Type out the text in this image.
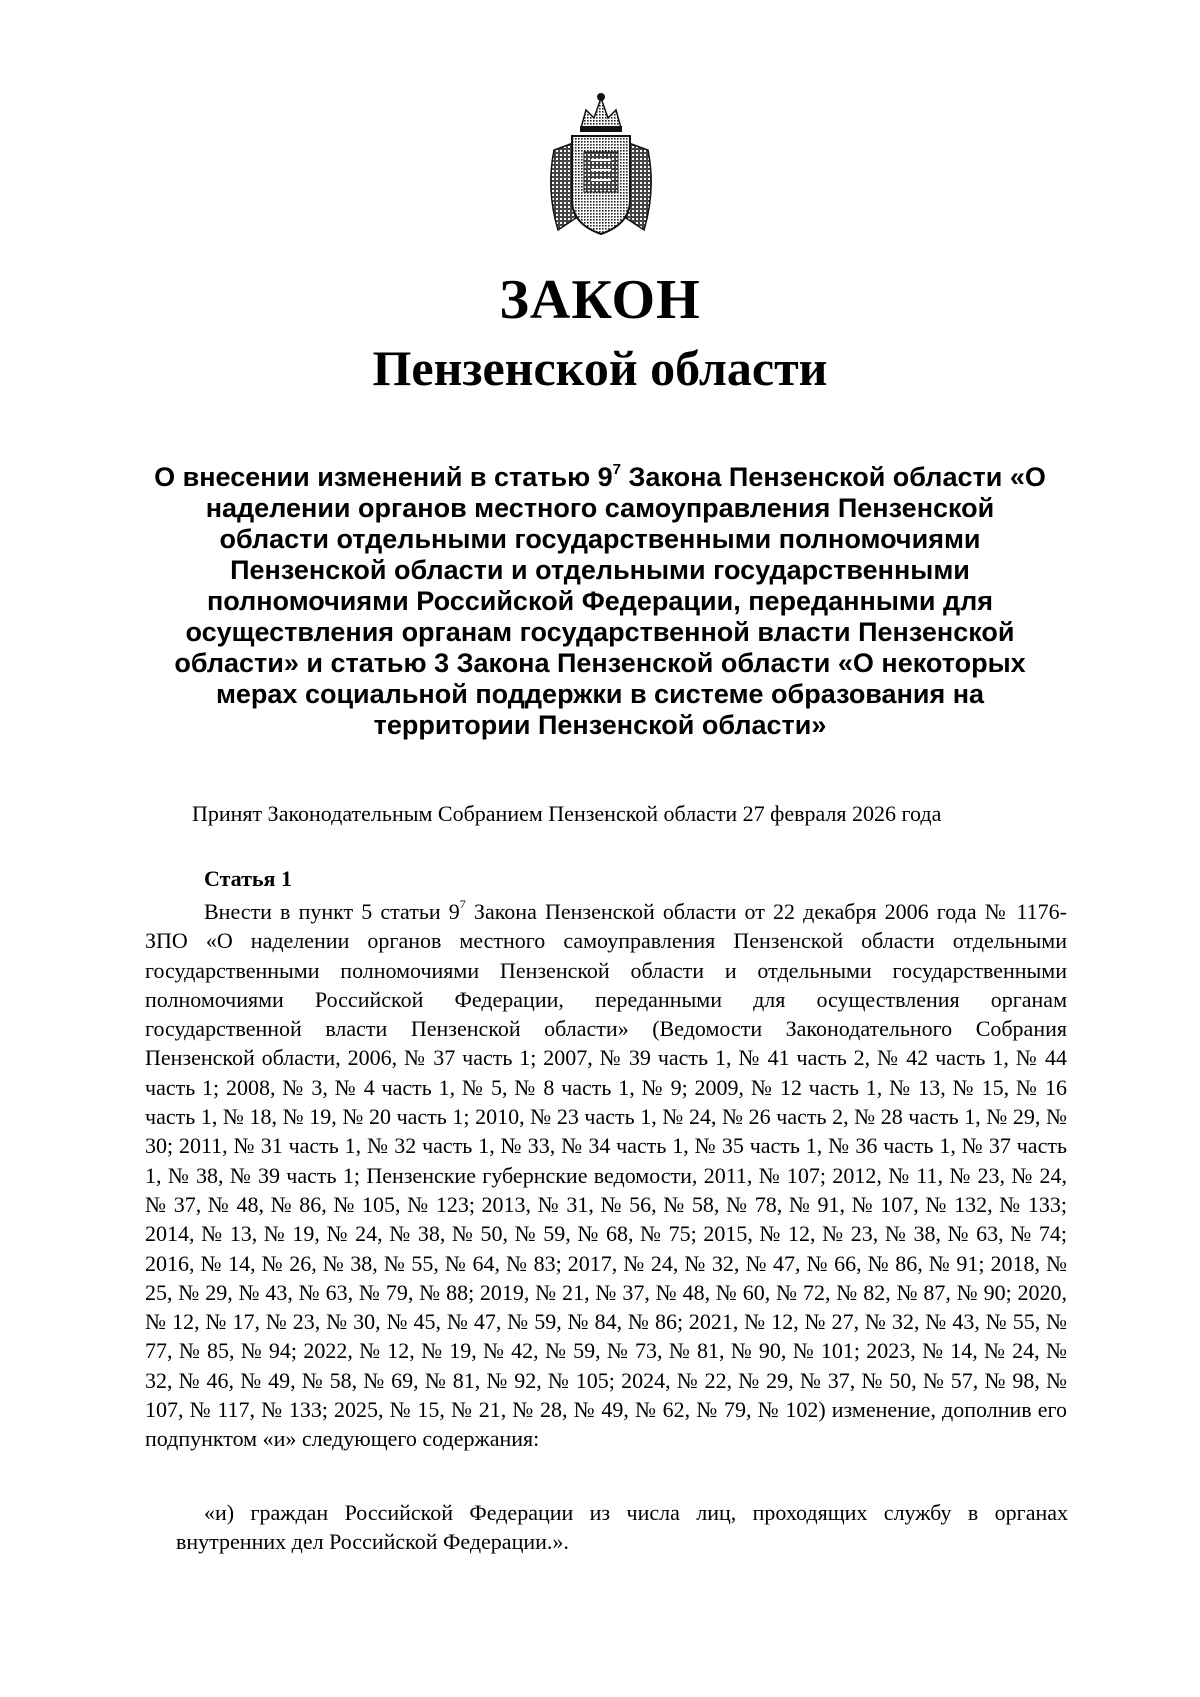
ЗАКОН
Пензенской области
О внесении изменений в статью $9^7$ Закона Пензенской области «О наделении органов местного самоуправления Пензенской области отдельными государственными полномочиями Пензенской области и отдельными государственными полномочиями Российской Федерации, переданными для осуществления органам государственной власти Пензенской области» и статью 3 Закона Пензенской области «О некоторых мерах социальной поддержки в системе образования на территории Пензенской области»
Принят Законодательным Собранием Пензенской области 27 февраля 2026 года
Статья 1
Внести в пункт 5 статьи $9^7$ Закона Пензенской области от 22 декабря 2006 года № 1176-ЗПО «О наделении органов местного самоуправления Пензенской области отдельными государственными полномочиями Пензенской области и отдельными государственными полномочиями Российской Федерации, переданными для осуществления органам государственной власти Пензенской области» (Ведомости Законодательного Собрания Пензенской области, 2006, № 37 часть 1; 2007, № 39 часть 1, № 41 часть 2, № 42 часть 1, № 44 часть 1; 2008, № 3, № 4 часть 1, № 5, № 8 часть 1, № 9; 2009, № 12 часть 1, № 13, № 15, № 16 часть 1, № 18, № 19, № 20 часть 1; 2010, № 23 часть 1, № 24, № 26 часть 2, № 28 часть 1, № 29, № 30; 2011, № 31 часть 1, № 32 часть 1, № 33, № 34 часть 1, № 35 часть 1, № 36 часть 1, № 37 часть 1, № 38, № 39 часть 1; Пензенские губернские ведомости, 2011, № 107; 2012, № 11, № 23, № 24, № 37, № 48, № 86, № 105, № 123; 2013, № 31, № 56, № 58, № 78, № 91, № 107, № 132, № 133; 2014, № 13, № 19, № 24, № 38, № 50, № 59, № 68, № 75; 2015, № 12, № 23, № 38, № 63, № 74; 2016, № 14, № 26, № 38, № 55, № 64, № 83; 2017, № 24, № 32, № 47, № 66, № 86, № 91; 2018, № 25, № 29, № 43, № 63, № 79, № 88; 2019, № 21, № 37, № 48, № 60, № 72, № 82, № 87, № 90; 2020, № 12, № 17, № 23, № 30, № 45, № 47, № 59, № 84, № 86; 2021, № 12, № 27, № 32, № 43, № 55, № 77, № 85, № 94; 2022, № 12, № 19, № 42, № 59, № 73, № 81, № 90, № 101; 2023, № 14, № 24, № 32, № 46, № 49, № 58, № 69, № 81, № 92, № 105; 2024, № 22, № 29, № 37, № 50, № 57, № 98, № 107, № 117, № 133; 2025, № 15, № 21, № 28, № 49, № 62, № 79, № 102) изменение, дополнив его подпунктом «и» следующего содержания:
«и) граждан Российской Федерации из числа лиц, проходящих службу в органах внутренних дел Российской Федерации.».
